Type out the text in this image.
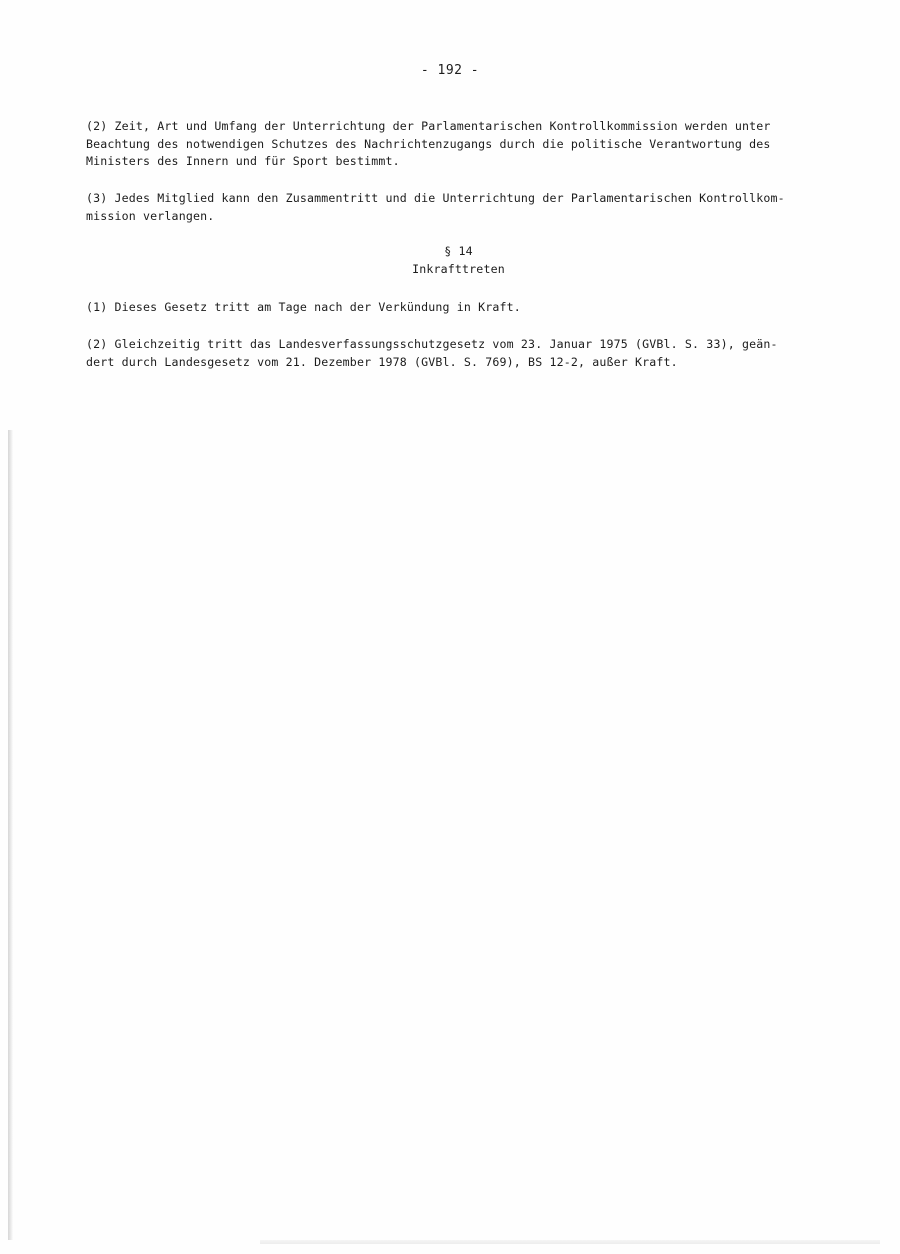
- 192 -
(2) Zeit, Art und Umfang der Unterrichtung der Parlamentarischen Kontrollkommission werden unter
Beachtung des notwendigen Schutzes des Nachrichtenzugangs durch die politische Verantwortung des
Ministers des Innern und für Sport bestimmt.
(3) Jedes Mitglied kann den Zusammentritt und die Unterrichtung der Parlamentarischen Kontrollkom-
mission verlangen.
§ 14
Inkrafttreten
(1) Dieses Gesetz tritt am Tage nach der Verkündung in Kraft.
(2) Gleichzeitig tritt das Landesverfassungsschutzgesetz vom 23. Januar 1975 (GVBl. S. 33), geän-
dert durch Landesgesetz vom 21. Dezember 1978 (GVBl. S. 769), BS 12-2, außer Kraft.
